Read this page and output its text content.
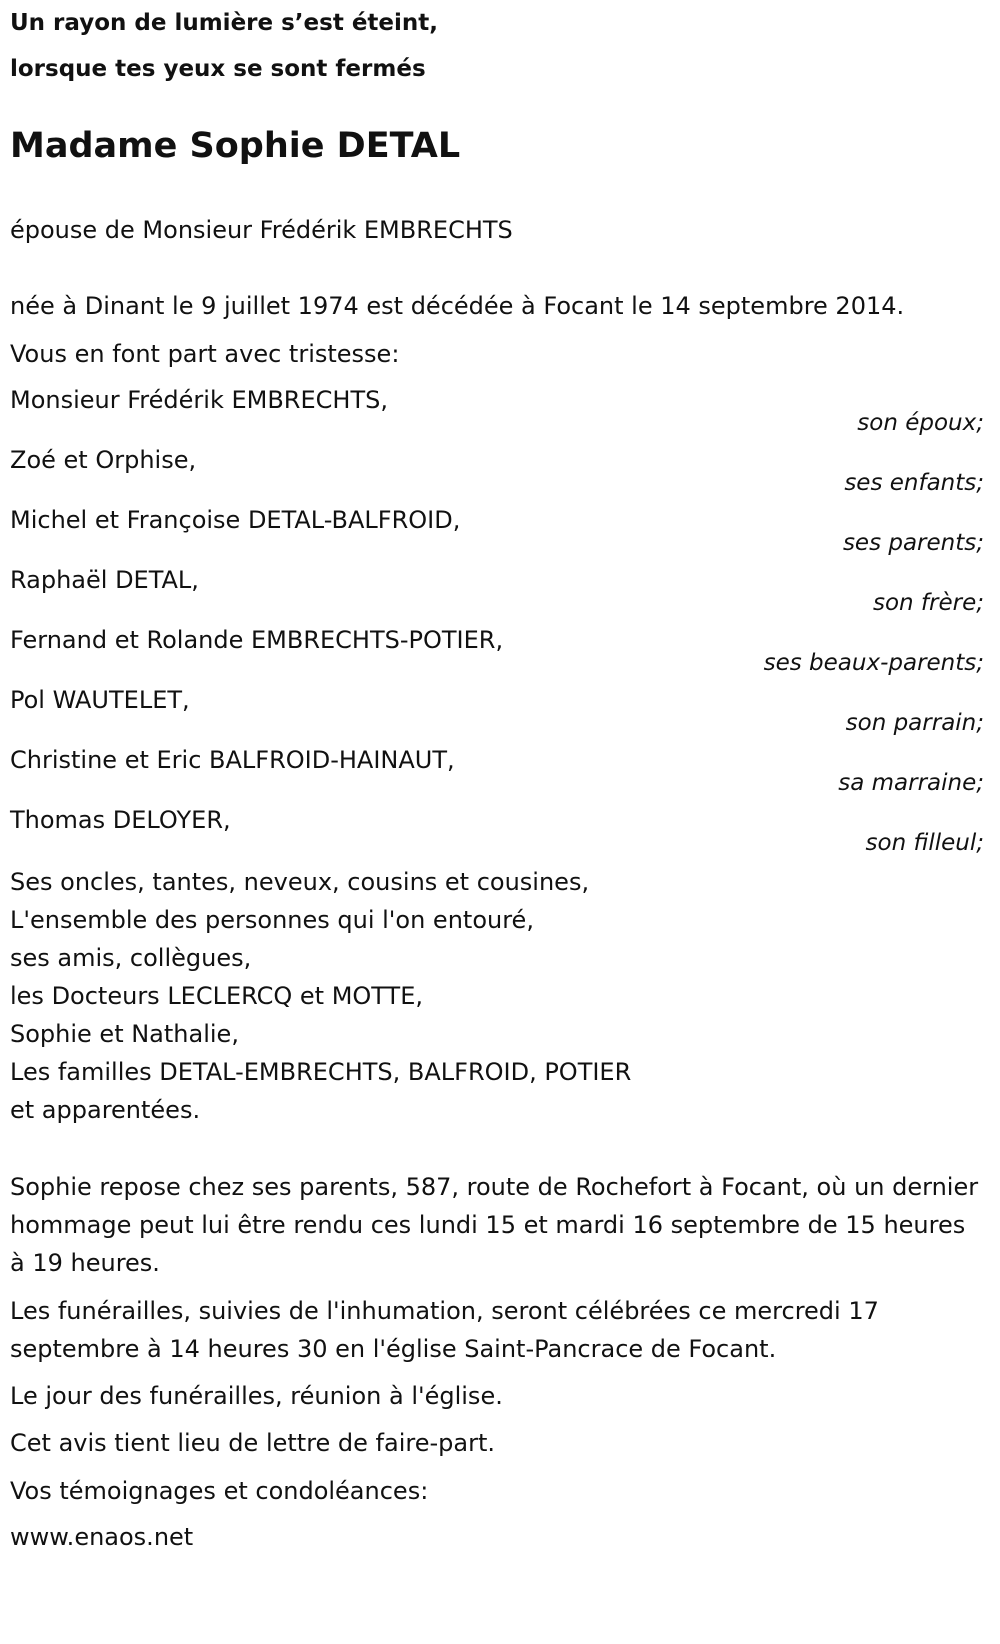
Un rayon de lumière s’est éteint,
lorsque tes yeux se sont fermés
Madame Sophie DETAL
épouse de Monsieur Frédérik EMBRECHTS
née à Dinant le 9 juillet 1974 est décédée à Focant le 14 septembre 2014.
Vous en font part avec tristesse:
Monsieur Frédérik EMBRECHTS,
son époux;
Zoé et Orphise,
ses enfants;
Michel et Françoise DETAL-BALFROID,
ses parents;
Raphaël DETAL,
son frère;
Fernand et Rolande EMBRECHTS-POTIER,
ses beaux-parents;
Pol WAUTELET,
son parrain;
Christine et Eric BALFROID-HAINAUT,
sa marraine;
Thomas DELOYER,
son filleul;
Ses oncles, tantes, neveux, cousins et cousines,
L'ensemble des personnes qui l'on entouré,
ses amis, collègues,
les Docteurs LECLERCQ et MOTTE,
Sophie et Nathalie,
Les familles DETAL-EMBRECHTS, BALFROID, POTIER
et apparentées.
Sophie repose chez ses parents, 587, route de Rochefort à Focant, où un dernier hommage peut lui être rendu ces lundi 15 et mardi 16 septembre de 15 heures à 19 heures.
Les funérailles, suivies de l'inhumation, seront célébrées ce mercredi 17 septembre à 14 heures 30 en l'église Saint-Pancrace de Focant.
Le jour des funérailles, réunion à l'église.
Cet avis tient lieu de lettre de faire-part.
Vos témoignages et condoléances:
www.enaos.net
